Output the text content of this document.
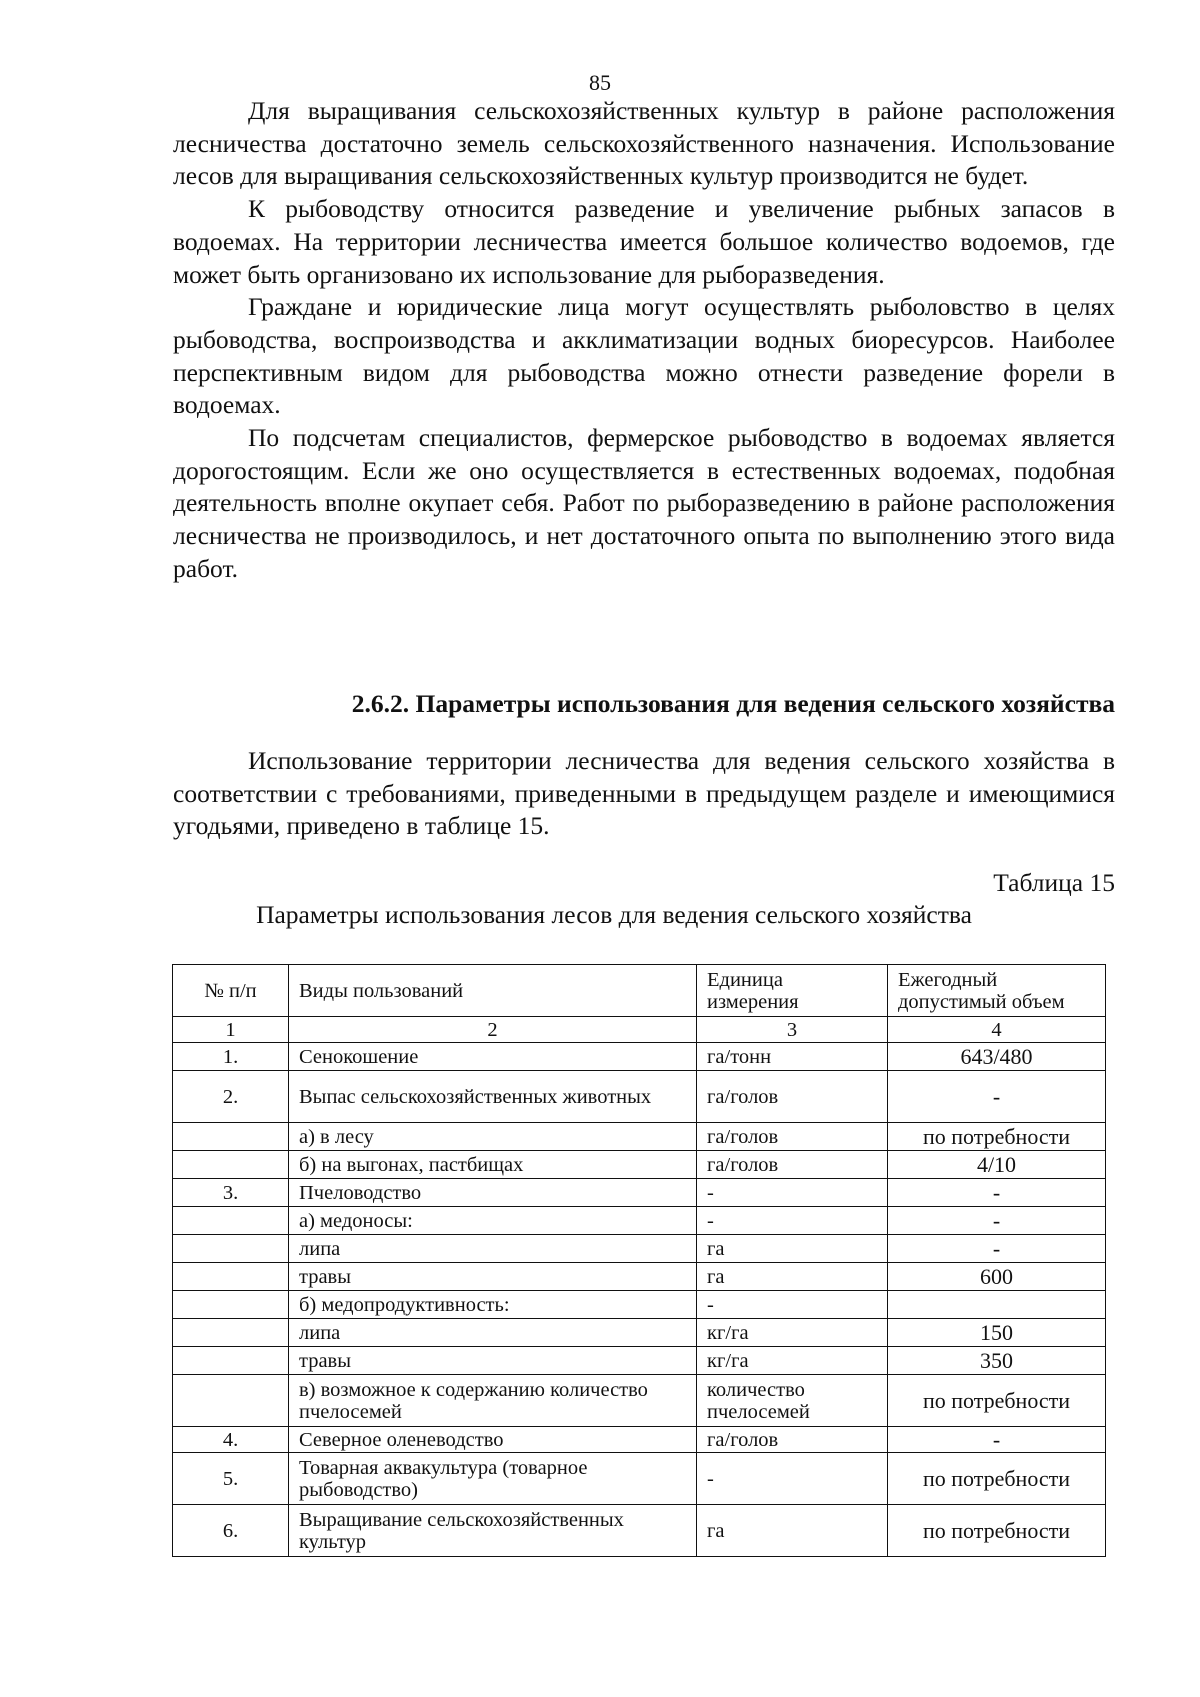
85

Для выращивания сельскохозяйственных культур в районе расположения лесничества достаточно земель сельскохозяйственного назначения. Использование лесов для выращивания сельскохозяйственных культур производится не будет.

К рыбоводству относится разведение и увеличение рыбных запасов в водоемах. На территории лесничества имеется большое количество водоемов, где может быть организовано их использование для рыборазведения.

Граждане и юридические лица могут осуществлять рыболовство в целях рыбоводства, воспроизводства и акклиматизации водных биоресурсов. Наиболее перспективным видом для рыбоводства можно отнести разведение форели в водоемах.

По подсчетам специалистов, фермерское рыбоводство в водоемах является дорогостоящим. Если же оно осуществляется в естественных водоемах, подобная деятельность вполне окупает себя. Работ по рыборазведению в районе расположения лесничества не производилось, и нет достаточного опыта по выполнению этого вида работ.

2.6.2. Параметры использования для ведения сельского хозяйства

Использование территории лесничества для ведения сельского хозяйства в соответствии с требованиями, приведенными в предыдущем разделе и имеющимися угодьями, приведено в таблице 15.

Таблица 15
Параметры использования лесов для ведения сельского хозяйства
№ п/п	Виды пользований	Единица измерения	Ежегодный допустимый объем
1	2	3	4
1.	Сенокошение	га/тонн	643/480
2.	Выпас сельскохозяйственных животных	га/голов	-
	а) в лесу	га/голов	по потребности
	б) на выгонах, пастбищах	га/голов	4/10
3.	Пчеловодство	-	-
	а) медоносы:	-	-
	липа	га	-
	травы	га	600
	б) медопродуктивность:	-	
	липа	кг/га	150
	травы	кг/га	350
	в) возможное к содержанию количество пчелосемей	количество пчелосемей	по потребности
4.	Северное оленеводство	га/голов	-
5.	Товарная аквакультура (товарное рыбоводство)	-	по потребности
6.	Выращивание сельскохозяйственных культур	га	по потребности
